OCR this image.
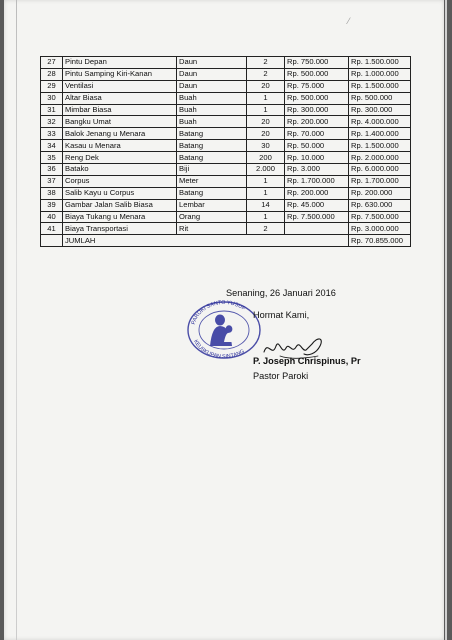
⁄
27	Pintu Depan	Daun	2	Rp. 750.000	Rp. 1.500.000
28	Pintu Samping Kiri-Kanan	Daun	2	Rp. 500.000	Rp. 1.000.000
29	Ventilasi	Daun	20	Rp. 75.000	Rp. 1.500.000
30	Altar Biasa	Buah	1	Rp. 500.000	Rp. 500.000
31	Mimbar Biasa	Buah	1	Rp. 300.000	Rp. 300.000
32	Bangku Umat	Buah	20	Rp. 200.000	Rp. 4.000.000
33	Balok Jenang u Menara	Batang	20	Rp. 70.000	Rp. 1.400.000
34	Kasau u Menara	Batang	30	Rp. 50.000	Rp. 1.500.000
35	Reng Dek	Batang	200	Rp. 10.000	Rp. 2.000.000
36	Batako	Biji	2.000	Rp. 3.000	Rp. 6.000.000
37	Corpus	Meter	1	Rp. 1.700.000	Rp. 1.700.000
38	Salib Kayu u Corpus	Batang	1	Rp. 200.000	Rp. 200.000
39	Gambar Jalan Salib Biasa	Lembar	14	Rp. 45.000	Rp. 630.000
40	Biaya Tukang u Menara	Orang	1	Rp. 7.500.000	Rp. 7.500.000
41	Biaya Transportasi	Rit	2		Rp. 3.000.000
	JUMLAH				Rp. 70.855.000
PAROKI SANTO YUSUF
KEUSKUPAN SINTANG
Senaning, 26 Januari 2016
Hormat Kami,
P. Joseph Chrispinus, Pr
Pastor Paroki
